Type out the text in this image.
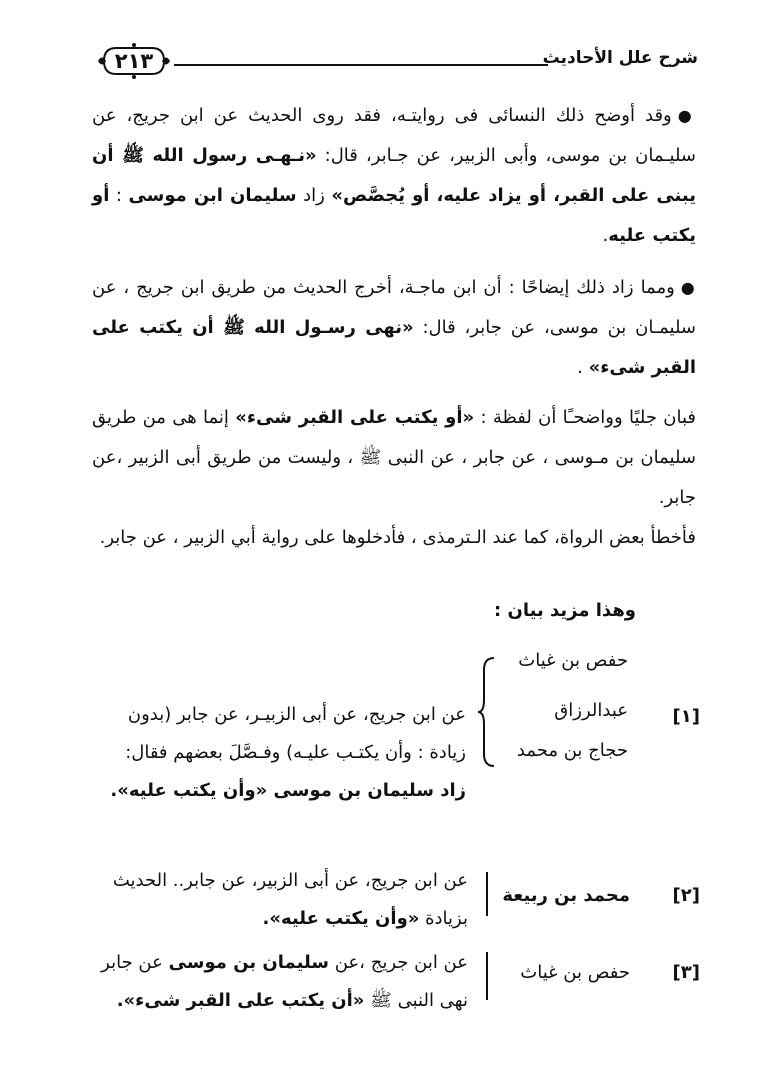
شرح علل الأحاديث
٢١٣
●وقد أوضح ذلك النسائى فى روايتـه، فقد روى الحديث عن ابن جريج، عن سليـمان بن موسى، وأبى الزبير، عن جـابر، قال: «نـهـى رسول الله ﷺ أن يبنى على القبر، أو يزاد عليه، أو يُجصَّص» زاد سليمان ابن موسى : أو يكتب عليه.
●ومما زاد ذلك إيضاحًا : أن ابن ماجـة، أخرج الحديث من طريق ابن جريج ، عن سليمـان بن موسى، عن جابر، قال: «نهى رسـول الله ﷺ أن يكتب على القبر شىء» .
فبان جليًا وواضحـًا أن لفظة : «أو يكتب على القبر شىء» إنما هى من طريق سليمان بن مـوسى ، عن جابر ، عن النبى ﷺ ، وليست من طريق أبى الزبير ،عن جابر.
فأخطأ بعض الرواة، كما عند الـترمذى ، فأدخلوها على رواية أبي الزبير ، عن جابر.
وهذا مزيد بيان :
[١]
حفص بن غياث
عبدالرزاق
حجاج بن محمد
عن ابن جريج، عن أبى الزبيـر، عن جابر (بدون زيادة : وأن يكتـب عليـه) وفـصَّلَ بعضهم فقال: زاد سليمان بن موسى «وأن يكتب عليه».
[٢]
محمد بن ربيعة
عن ابن جريج، عن أبى الزبير، عن جابر.. الحديث بزيادة «وأن يكتب عليه».
[٣]
حفص بن غياث
عن ابن جريج ،عن سليمان بن موسى عن جابر نهى النبى ﷺ «أن يكتب على القبر شىء».
